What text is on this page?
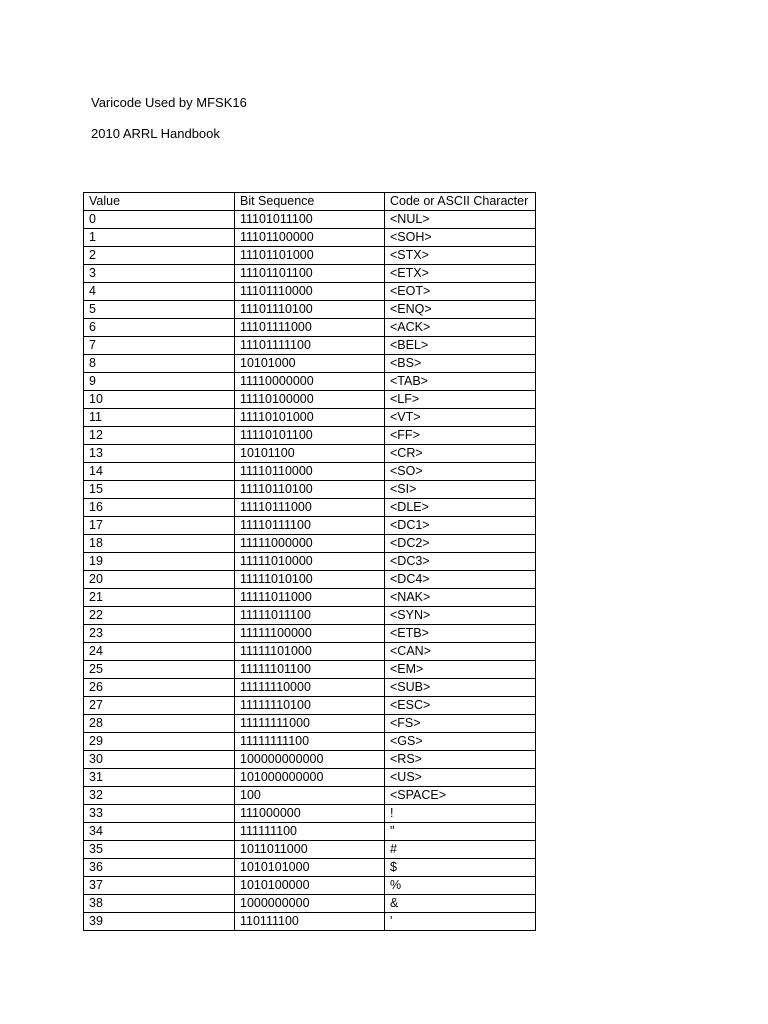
Varicode Used by MFSK16
2010 ARRL Handbook
Value	Bit Sequence	Code or ASCII Character
0	11101011100	<NUL>
1	11101100000	<SOH>
2	11101101000	<STX>
3	11101101100	<ETX>
4	11101110000	<EOT>
5	11101110100	<ENQ>
6	11101111000	<ACK>
7	11101111100	<BEL>
8	10101000	<BS>
9	11110000000	<TAB>
10	11110100000	<LF>
11	11110101000	<VT>
12	11110101100	<FF>
13	10101100	<CR>
14	11110110000	<SO>
15	11110110100	<SI>
16	11110111000	<DLE>
17	11110111100	<DC1>
18	11111000000	<DC2>
19	11111010000	<DC3>
20	11111010100	<DC4>
21	11111011000	<NAK>
22	11111011100	<SYN>
23	11111100000	<ETB>
24	11111101000	<CAN>
25	11111101100	<EM>
26	11111110000	<SUB>
27	11111110100	<ESC>
28	11111111000	<FS>
29	11111111100	<GS>
30	100000000000	<RS>
31	101000000000	<US>
32	100	<SPACE>
33	111000000	!
34	111111100	"
35	1011011000	#
36	1010101000	$
37	1010100000	%
38	1000000000	&
39	110111100	'
